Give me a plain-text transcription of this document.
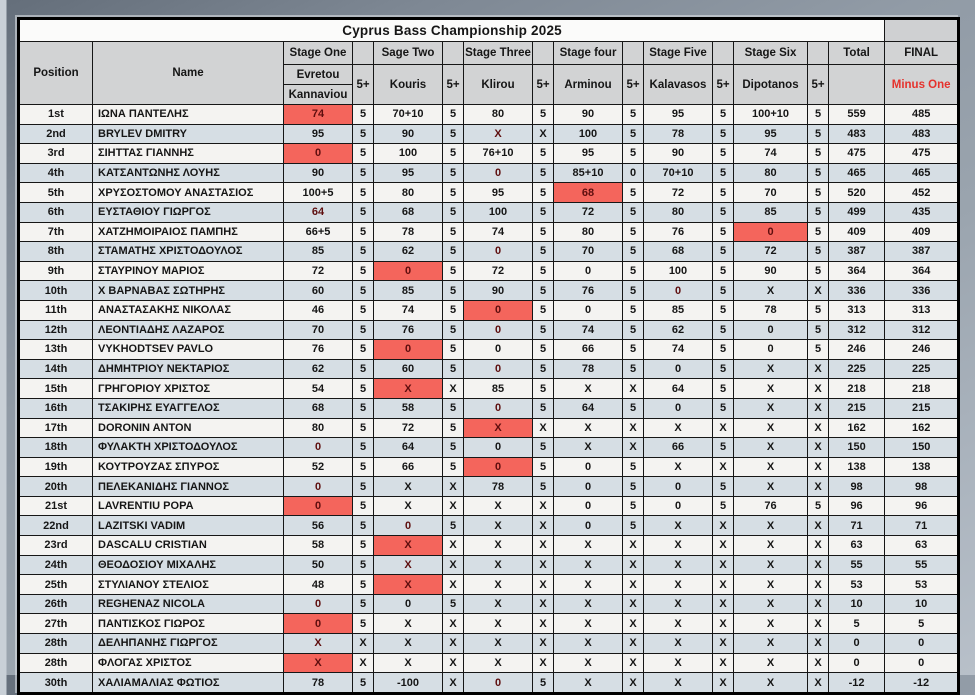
Cyprus Bass Championship 2025															
Position	Name	Stage One		Sage Two		Stage Three		Stage four		Stage Five		Stage Six		Total	FINAL
		Evretou	5+	Kouris	5+	Klirou	5+	Arminou	5+	Kalavasos	5+	Dipotanos	5+		Minus One
		Kannaviou													
1st	ΙΩΝΑ ΠΑΝΤΕΛΗΣ	74	5	70+10	5	80	5	90	5	95	5	100+10	5	559	485
2nd	BRYLEV DMITRY	95	5	90	5	X	X	100	5	78	5	95	5	483	483
3rd	ΣΙΗΤΤΑΣ ΓΙΑΝΝΗΣ	0	5	100	5	76+10	5	95	5	90	5	74	5	475	475
4th	ΚΑΤΣΑΝΤΩΝΗΣ ΛΟΥΗΣ	90	5	95	5	0	5	85+10	0	70+10	5	80	5	465	465
5th	ΧΡΥΣΟΣΤΟΜΟΥ ΑΝΑΣΤΑΣΙΟΣ	100+5	5	80	5	95	5	68	5	72	5	70	5	520	452
6th	ΕΥΣΤΑΘΙΟΥ ΓΙΩΡΓΟΣ	64	5	68	5	100	5	72	5	80	5	85	5	499	435
7th	ΧΑΤΖΗΜΟΙΡΑΙΟΣ ΠΑΜΠΗΣ	66+5	5	78	5	74	5	80	5	76	5	0	5	409	409
8th	ΣΤΑΜΑΤΗΣ ΧΡΙΣΤΟΔΟΥΛΟΣ	85	5	62	5	0	5	70	5	68	5	72	5	387	387
9th	ΣΤΑΥΡΙΝΟΥ ΜΑΡΙΟΣ	72	5	0	5	72	5	0	5	100	5	90	5	364	364
10th	Χ ΒΑΡΝΑΒΑΣ ΣΩΤΗΡΗΣ	60	5	85	5	90	5	76	5	0	5	X	X	336	336
11th	ΑΝΑΣΤΑΣΑΚΗΣ ΝΙΚΟΛΑΣ	46	5	74	5	0	5	0	5	85	5	78	5	313	313
12th	ΛΕΟΝΤΙΑΔΗΣ ΛΑΖΑΡΟΣ	70	5	76	5	0	5	74	5	62	5	0	5	312	312
13th	VYKHODTSEV PAVLO	76	5	0	5	0	5	66	5	74	5	0	5	246	246
14th	ΔΗΜΗΤΡΙΟΥ ΝΕΚΤΑΡΙΟΣ	62	5	60	5	0	5	78	5	0	5	X	X	225	225
15th	ΓΡΗΓΟΡΙΟΥ ΧΡΙΣΤΟΣ	54	5	X	X	85	5	X	X	64	5	X	X	218	218
16th	ΤΣΑΚΙΡΗΣ ΕΥΑΓΓΕΛΟΣ	68	5	58	5	0	5	64	5	0	5	X	X	215	215
17th	DORONIN ANTON	80	5	72	5	X	X	X	X	X	X	X	X	162	162
18th	ΦΥΛΑΚΤΗ ΧΡΙΣΤΟΔΟΥΛΟΣ	0	5	64	5	0	5	X	X	66	5	X	X	150	150
19th	ΚΟΥΤΡΟΥΖΑΣ ΣΠΥΡΟΣ	52	5	66	5	0	5	0	5	X	X	X	X	138	138
20th	ΠΕΛΕΚΑΝΙΔΗΣ ΓΙΑΝΝΟΣ	0	5	X	X	78	5	0	5	0	5	X	X	98	98
21st	LAVRENTIU POPA	0	5	X	X	X	X	0	5	0	5	76	5	96	96
22nd	LAZITSKI VADIM	56	5	0	5	X	X	0	5	X	X	X	X	71	71
23rd	DASCALU CRISTIAN	58	5	X	X	X	X	X	X	X	X	X	X	63	63
24th	ΘΕΟΔΟΣΙΟΥ ΜΙΧΑΛΗΣ	50	5	X	X	X	X	X	X	X	X	X	X	55	55
25th	ΣΤΥΛΙΑΝΟΥ ΣΤΕΛΙΟΣ	48	5	X	X	X	X	X	X	X	X	X	X	53	53
26th	REGHENAZ NICOLA	0	5	0	5	X	X	X	X	X	X	X	X	10	10
27th	ΠΑΝΤΙΣΚΟΣ ΓΙΩΡΟΣ	0	5	X	X	X	X	X	X	X	X	X	X	5	5
28th	ΔΕΛΗΠΑΝΗΣ ΓΙΩΡΓΟΣ	X	X	X	X	X	X	X	X	X	X	X	X	0	0
28th	ΦΛΟΓΑΣ ΧΡΙΣΤΟΣ	X	X	X	X	X	X	X	X	X	X	X	X	0	0
30th	ΧΑΛΙΑΜΑΛΙΑΣ ΦΩΤΙΟΣ	78	5	-100	X	0	5	X	X	X	X	X	X	-12	-12
